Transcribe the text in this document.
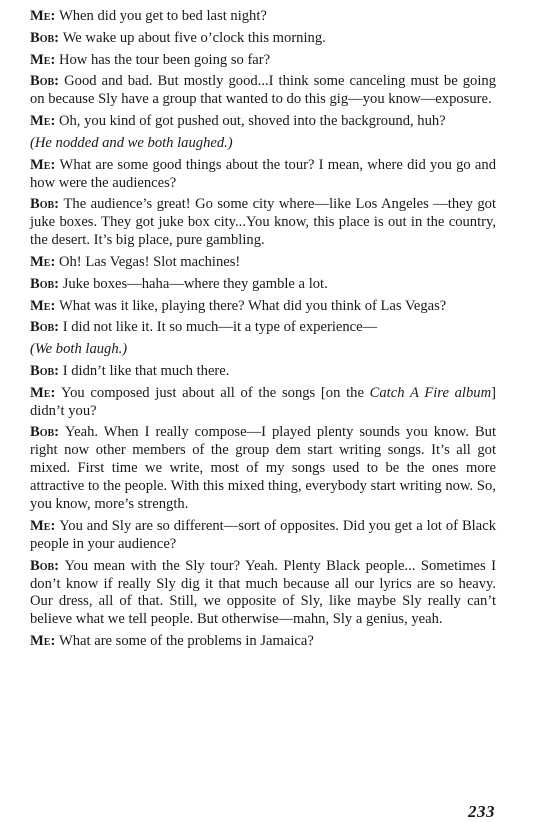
Me: When did you get to bed last night?

Bob: We wake up about five o’clock this morning.

Me: How has the tour been going so far?

Bob: Good and bad. But mostly good...I think some canceling must be going on because Sly have a group that wanted to do this gig—you know—exposure.

Me: Oh, you kind of got pushed out, shoved into the background, huh?

(He nodded and we both laughed.)

Me: What are some good things about the tour? I mean, where did you go and how were the audiences?

Bob: The audience’s great! Go some city where—like Los Angeles —they got juke boxes. They got juke box city...You know, this place is out in the country, the desert. It’s big place, pure gambling.

Me: Oh! Las Vegas! Slot machines!

Bob: Juke boxes—haha—where they gamble a lot.

Me: What was it like, playing there? What did you think of Las Vegas?

Bob: I did not like it. It so much—it a type of experience—

(We both laugh.)

Bob: I didn’t like that much there.

Me: You composed just about all of the songs [on the Catch A Fire album] didn’t you?

Bob: Yeah. When I really compose—I played plenty sounds you know. But right now other members of the group dem start writing songs. It’s all got mixed. First time we write, most of my songs used to be the ones more attractive to the people. With this mixed thing, everybody start writing now. So, you know, more’s strength.

Me: You and Sly are so different—sort of opposites. Did you get a lot of Black people in your audience?

Bob: You mean with the Sly tour? Yeah. Plenty Black people... Sometimes I don’t know if really Sly dig it that much because all our lyrics are so heavy. Our dress, all of that. Still, we opposite of Sly, like maybe Sly really can’t believe what we tell people. But otherwise—mahn, Sly a genius, yeah.

Me: What are some of the problems in Jamaica?

233
